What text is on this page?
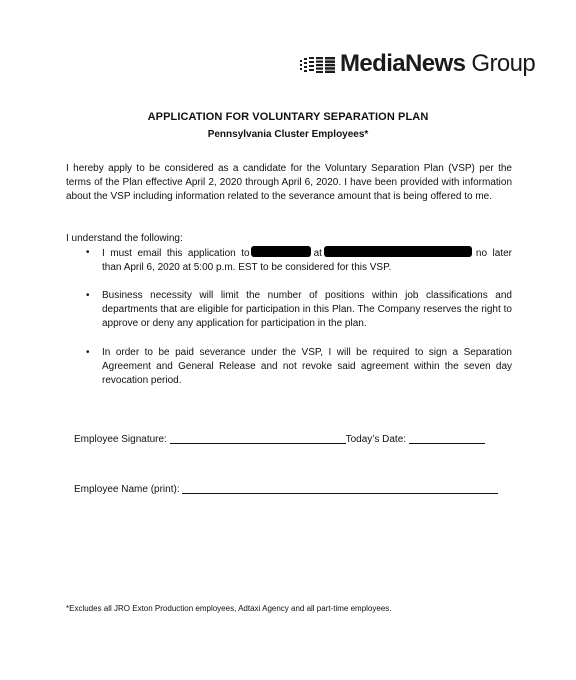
MediaNews Group
APPLICATION FOR VOLUNTARY SEPARATION PLAN
Pennsylvania Cluster Employees*
I hereby apply to be considered as a candidate for the Voluntary Separation Plan (VSP) per the terms of the Plan effective April 2, 2020 through April 6, 2020. I have been provided with information about the VSP including information related to the severance amount that is being offered to me.
I understand the following:
• I must email this application to	at	no later than April 6, 2020 at 5:00 p.m. EST to be considered for this VSP.
• Business necessity will limit the number of positions within job classifications and departments that are eligible for participation in this Plan. The Company reserves the right to approve or deny any application for participation in the plan.
• In order to be paid severance under the VSP, I will be required to sign a Separation Agreement and General Release and not revoke said agreement within the seven day revocation period.
Employee Signature:	Today’s Date:
Employee Name (print):
*Excludes all JRO Exton Production employees, Adtaxi Agency and all part-time employees.
